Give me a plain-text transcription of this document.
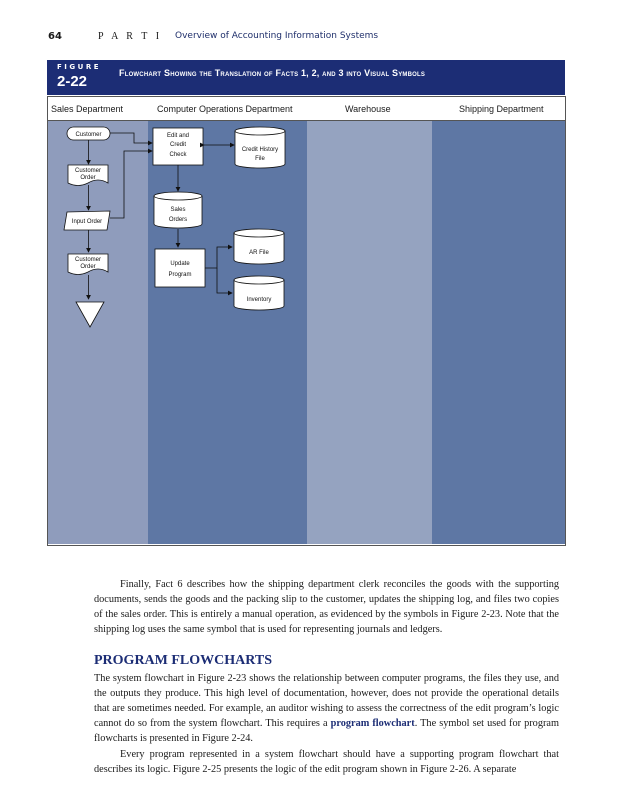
64	P A R T I Overview of Accounting Information Systems
FIGURE
2-22	Flowchart Showing the Translation of Facts 1, 2, and 3 into Visual Symbols
Sales Department	Computer Operations Department	Warehouse	Shipping Department
Customer
Customer
Order
Input Order
Customer
Order
Edit and
Credit
Check
Credit History
File
Sales
Orders
Update
Program
AR File
Inventory

Finally, Fact 6 describes how the shipping department clerk reconciles the goods with the supporting documents, sends the goods and the packing slip to the customer, updates the shipping log, and files two copies of the sales order. This is entirely a manual operation, as evidenced by the symbols in Figure 2-23. Note that the shipping log uses the same symbol that is used for representing journals and ledgers.

PROGRAM FLOWCHARTS

The system flowchart in Figure 2-23 shows the relationship between computer programs, the files they use, and the outputs they produce. This high level of documentation, however, does not provide the operational details that are sometimes needed. For example, an auditor wishing to assess the correctness of the edit program’s logic cannot do so from the system flowchart. This requires a program flowchart. The symbol set used for program flowcharts is presented in Figure 2-24.

Every program represented in a system flowchart should have a supporting program flowchart that describes its logic. Figure 2-25 presents the logic of the edit program shown in Figure 2-26. A separate
